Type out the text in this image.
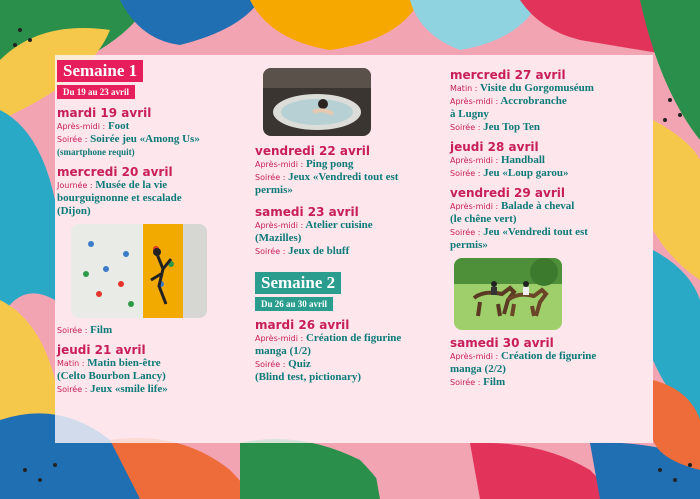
Semaine 1
Du 19 au 23 avril
mardi 19 avril
Après-midi : Foot
Soirée : Soirée jeu «Among Us»
(smartphone requit)
mercredi 20 avril
Journée : Musée de la vie
bourguignonne et escalade
(Dijon)
Soirée : Film
jeudi 21 avril
Matin : Matin bien-être
(Celto Bourbon Lancy)
Soirée : Jeux «smile life»
vendredi 22 avril
Après-midi : Ping pong
Soirée : Jeux «Vendredi tout est
permis»
samedi 23 avril
Après-midi : Atelier cuisine
(Mazilles)
Soirée : Jeux de bluff
Semaine 2
Du 26 au 30 avril
mardi 26 avril
Après-midi : Création de figurine
manga (1/2)
Soirée : Quiz
(Blind test, pictionary)
mercredi 27 avril
Matin : Visite du Gorgomuséum
Après-midi : Accrobranche
à Lugny
Soirée : Jeu Top Ten
jeudi 28 avril
Après-midi : Handball
Soirée : Jeu «Loup garou»
vendredi 29 avril
Après-midi : Balade à cheval
(le chêne vert)
Soirée : Jeu «Vendredi tout est
permis»
samedi 30 avril
Après-midi : Création de figurine
manga (2/2)
Soirée : Film
